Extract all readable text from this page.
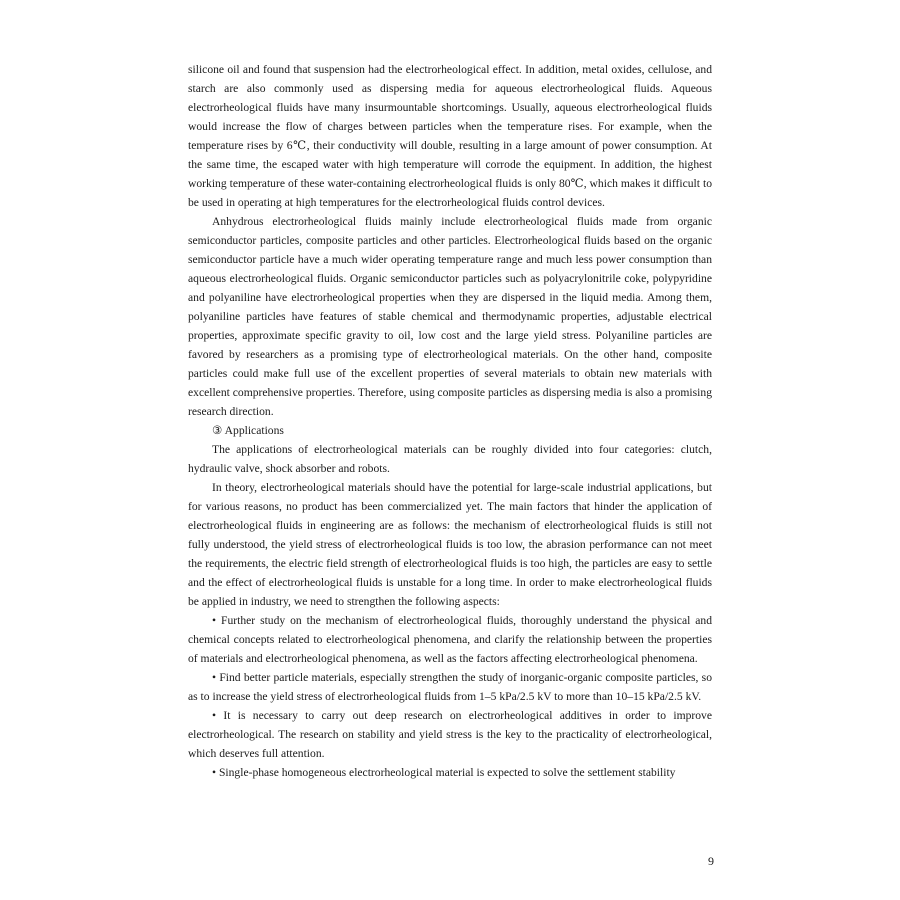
silicone oil and found that suspension had the electrorheological effect. In addition, metal oxides, cellulose, and starch are also commonly used as dispersing media for aqueous electrorheological fluids. Aqueous electrorheological fluids have many insurmountable shortcomings. Usually, aqueous electrorheological fluids would increase the flow of charges between particles when the temperature rises. For example, when the temperature rises by 6℃, their conductivity will double, resulting in a large amount of power consumption. At the same time, the escaped water with high temperature will corrode the equipment. In addition, the highest working temperature of these water-containing electrorheological fluids is only 80℃, which makes it difficult to be used in operating at high temperatures for the electrorheological fluids control devices.

Anhydrous electrorheological fluids mainly include electrorheological fluids made from organic semiconductor particles, composite particles and other particles. Electrorheological fluids based on the organic semiconductor particle have a much wider operating temperature range and much less power consumption than aqueous electrorheological fluids. Organic semiconductor particles such as polyacrylonitrile coke, polypyridine and polyaniline have electrorheological properties when they are dispersed in the liquid media. Among them, polyaniline particles have features of stable chemical and thermodynamic properties, adjustable electrical properties, approximate specific gravity to oil, low cost and the large yield stress. Polyaniline particles are favored by researchers as a promising type of electrorheological materials. On the other hand, composite particles could make full use of the excellent properties of several materials to obtain new materials with excellent comprehensive properties. Therefore, using composite particles as dispersing media is also a promising research direction.

③ Applications

The applications of electrorheological materials can be roughly divided into four categories: clutch, hydraulic valve, shock absorber and robots.

In theory, electrorheological materials should have the potential for large-scale industrial applications, but for various reasons, no product has been commercialized yet. The main factors that hinder the application of electrorheological fluids in engineering are as follows: the mechanism of electrorheological fluids is still not fully understood, the yield stress of electrorheological fluids is too low, the abrasion performance can not meet the requirements, the electric field strength of electrorheological fluids is too high, the particles are easy to settle and the effect of electrorheological fluids is unstable for a long time. In order to make electrorheological fluids be applied in industry, we need to strengthen the following aspects:

• Further study on the mechanism of electrorheological fluids, thoroughly understand the physical and chemical concepts related to electrorheological phenomena, and clarify the relationship between the properties of materials and electrorheological phenomena, as well as the factors affecting electrorheological phenomena.

• Find better particle materials, especially strengthen the study of inorganic-organic composite particles, so as to increase the yield stress of electrorheological fluids from 1–5 kPa/2.5 kV to more than 10–15 kPa/2.5 kV.

• It is necessary to carry out deep research on electrorheological additives in order to improve electrorheological. The research on stability and yield stress is the key to the practicality of electrorheological, which deserves full attention.

• Single-phase homogeneous electrorheological material is expected to solve the settlement stability

9
